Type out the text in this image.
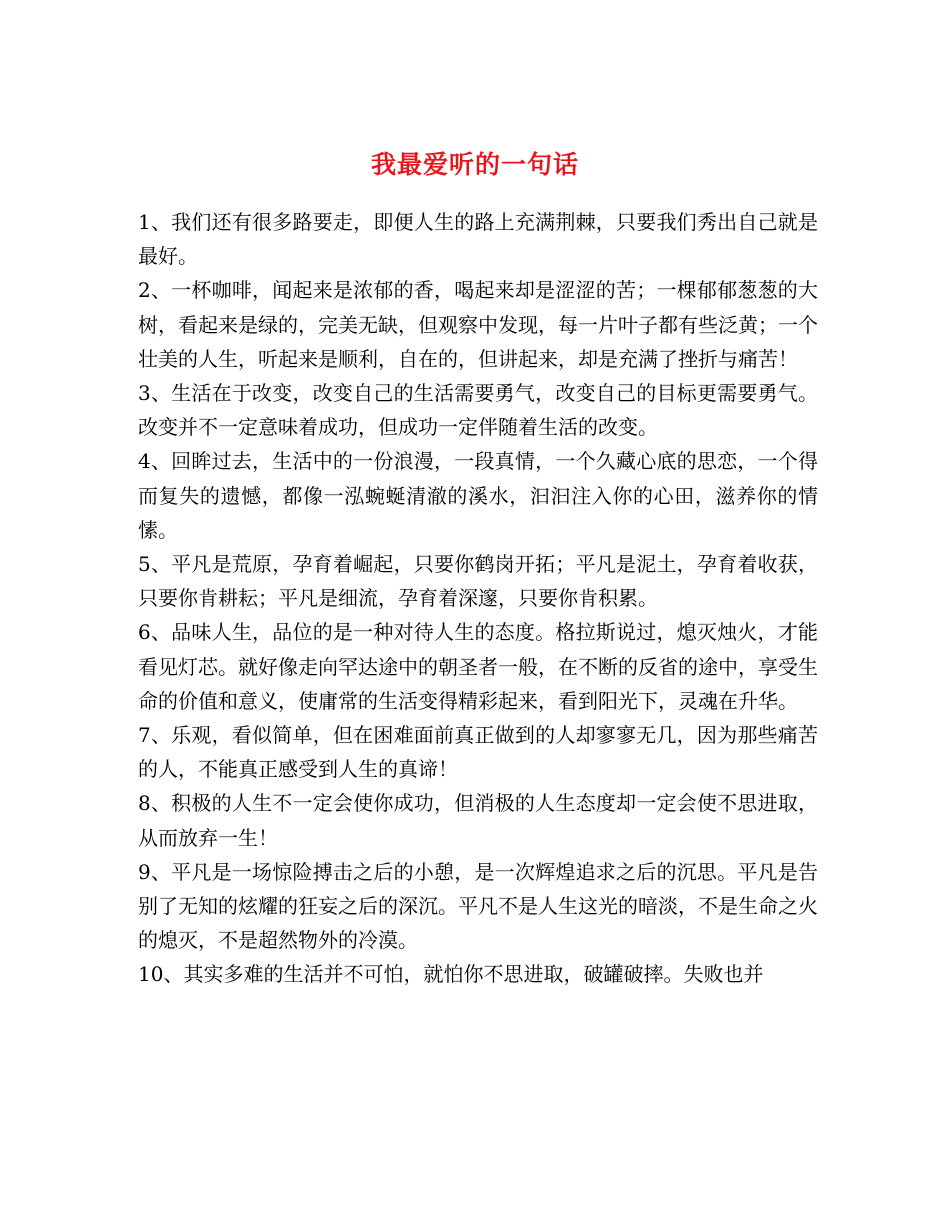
我最爱听的一句话

1、我们还有很多路要走，即便人生的路上充满荆棘，只要我们秀出自己就是最好。

2、一杯咖啡，闻起来是浓郁的香，喝起来却是涩涩的苦；一棵郁郁葱葱的大树，看起来是绿的，完美无缺，但观察中发现，每一片叶子都有些泛黄；一个壮美的人生，听起来是顺利，自在的，但讲起来，却是充满了挫折与痛苦！

3、生活在于改变，改变自己的生活需要勇气，改变自己的目标更需要勇气。改变并不一定意味着成功，但成功一定伴随着生活的改变。

4、回眸过去，生活中的一份浪漫，一段真情，一个久藏心底的思恋，一个得而复失的遗憾，都像一泓蜿蜒清澈的溪水，汩汩注入你的心田，滋养你的情愫。

5、平凡是荒原，孕育着崛起，只要你鹤岗开拓；平凡是泥土，孕育着收获，只要你肯耕耘；平凡是细流，孕育着深邃，只要你肯积累。

6、品味人生，品位的是一种对待人生的态度。格拉斯说过，熄灭烛火，才能看见灯芯。就好像走向罕达途中的朝圣者一般，在不断的反省的途中，享受生命的价值和意义，使庸常的生活变得精彩起来，看到阳光下，灵魂在升华。

7、乐观，看似简单，但在困难面前真正做到的人却寥寥无几，因为那些痛苦的人，不能真正感受到人生的真谛！

8、积极的人生不一定会使你成功，但消极的人生态度却一定会使不思进取，从而放弃一生！

9、平凡是一场惊险搏击之后的小憩，是一次辉煌追求之后的沉思。平凡是告别了无知的炫耀的狂妄之后的深沉。平凡不是人生这光的暗淡，不是生命之火的熄灭，不是超然物外的冷漠。

10、其实多难的生活并不可怕，就怕你不思进取，破罐破摔。失败也并
